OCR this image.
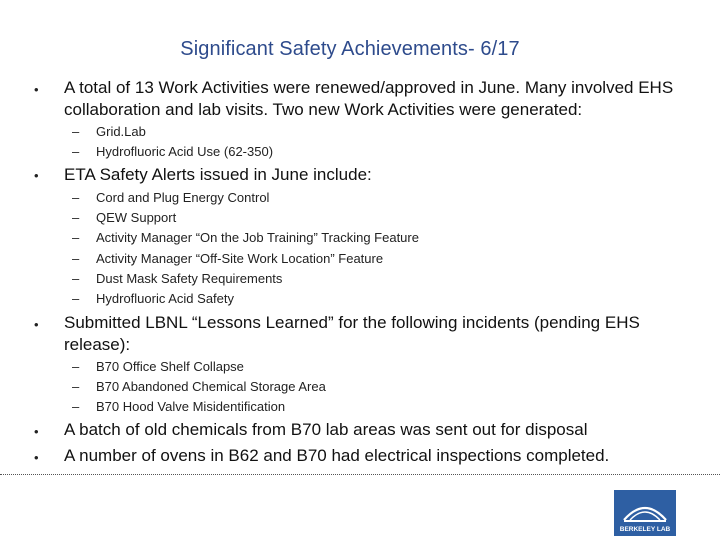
Significant Safety Achievements- 6/17
• A total of 13 Work Activities were renewed/approved in June. Many involved EHS collaboration and lab visits. Two new Work Activities were generated:
– Grid.Lab
– Hydrofluoric Acid Use (62-350)
• ETA Safety Alerts issued in June include:
– Cord and Plug Energy Control
– QEW Support
– Activity Manager “On the Job Training” Tracking Feature
– Activity Manager “Off-Site Work Location” Feature
– Dust Mask Safety Requirements
– Hydrofluoric Acid Safety
• Submitted LBNL “Lessons Learned” for the following incidents (pending EHS release):
– B70 Office Shelf Collapse
– B70 Abandoned Chemical Storage Area
– B70 Hood Valve Misidentification
• A batch of old chemicals from B70 lab areas was sent out for disposal
• A number of ovens in B62 and B70 had electrical inspections completed.
BERKELEY LAB
